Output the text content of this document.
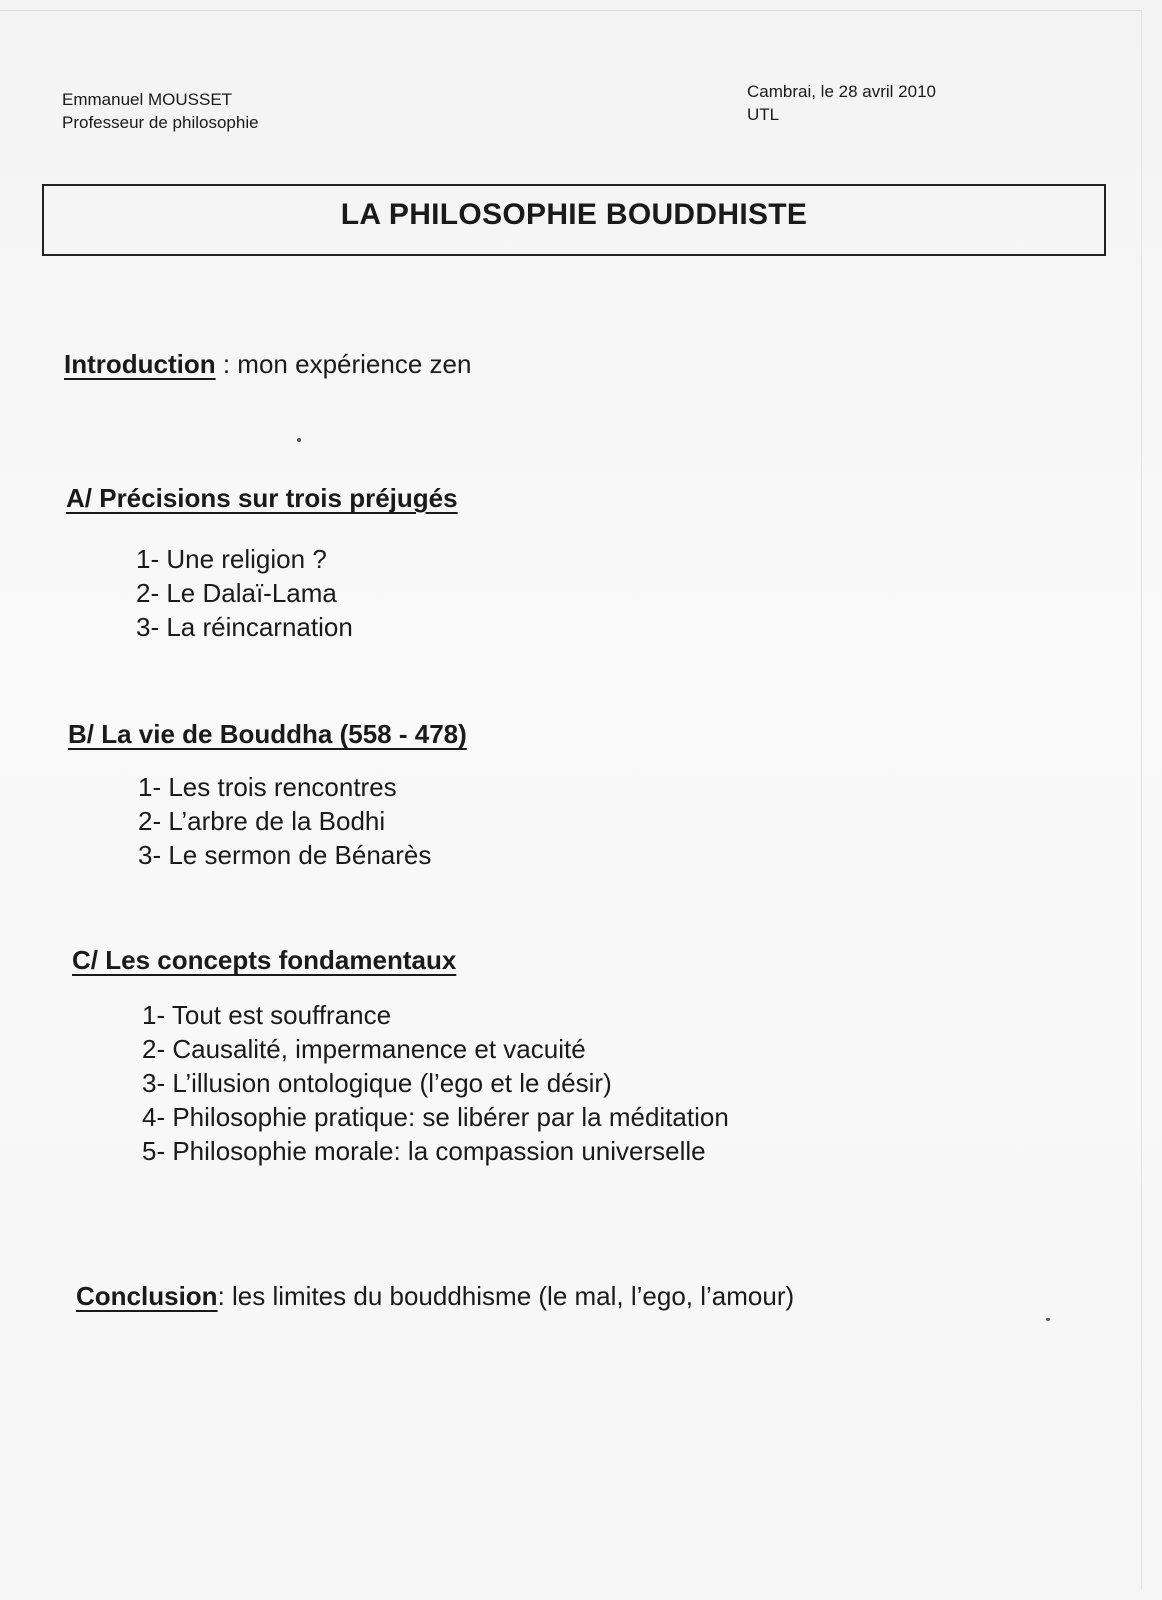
Emmanuel MOUSSET
Professeur de philosophie
Cambrai, le 28 avril 2010
UTL
LA PHILOSOPHIE BOUDDHISTE
Introduction : mon expérience zen
A/ Précisions sur trois préjugés
1- Une religion ?
2- Le Dalaï-Lama
3- La réincarnation
B/ La vie de Bouddha (558 - 478)
1- Les trois rencontres
2- L’arbre de la Bodhi
3- Le sermon de Bénarès
C/ Les concepts fondamentaux
1- Tout est souffrance
2- Causalité, impermanence et vacuité
3- L’illusion ontologique (l’ego et le désir)
4- Philosophie pratique: se libérer par la méditation
5- Philosophie morale: la compassion universelle
Conclusion: les limites du bouddhisme (le mal, l’ego, l’amour)
